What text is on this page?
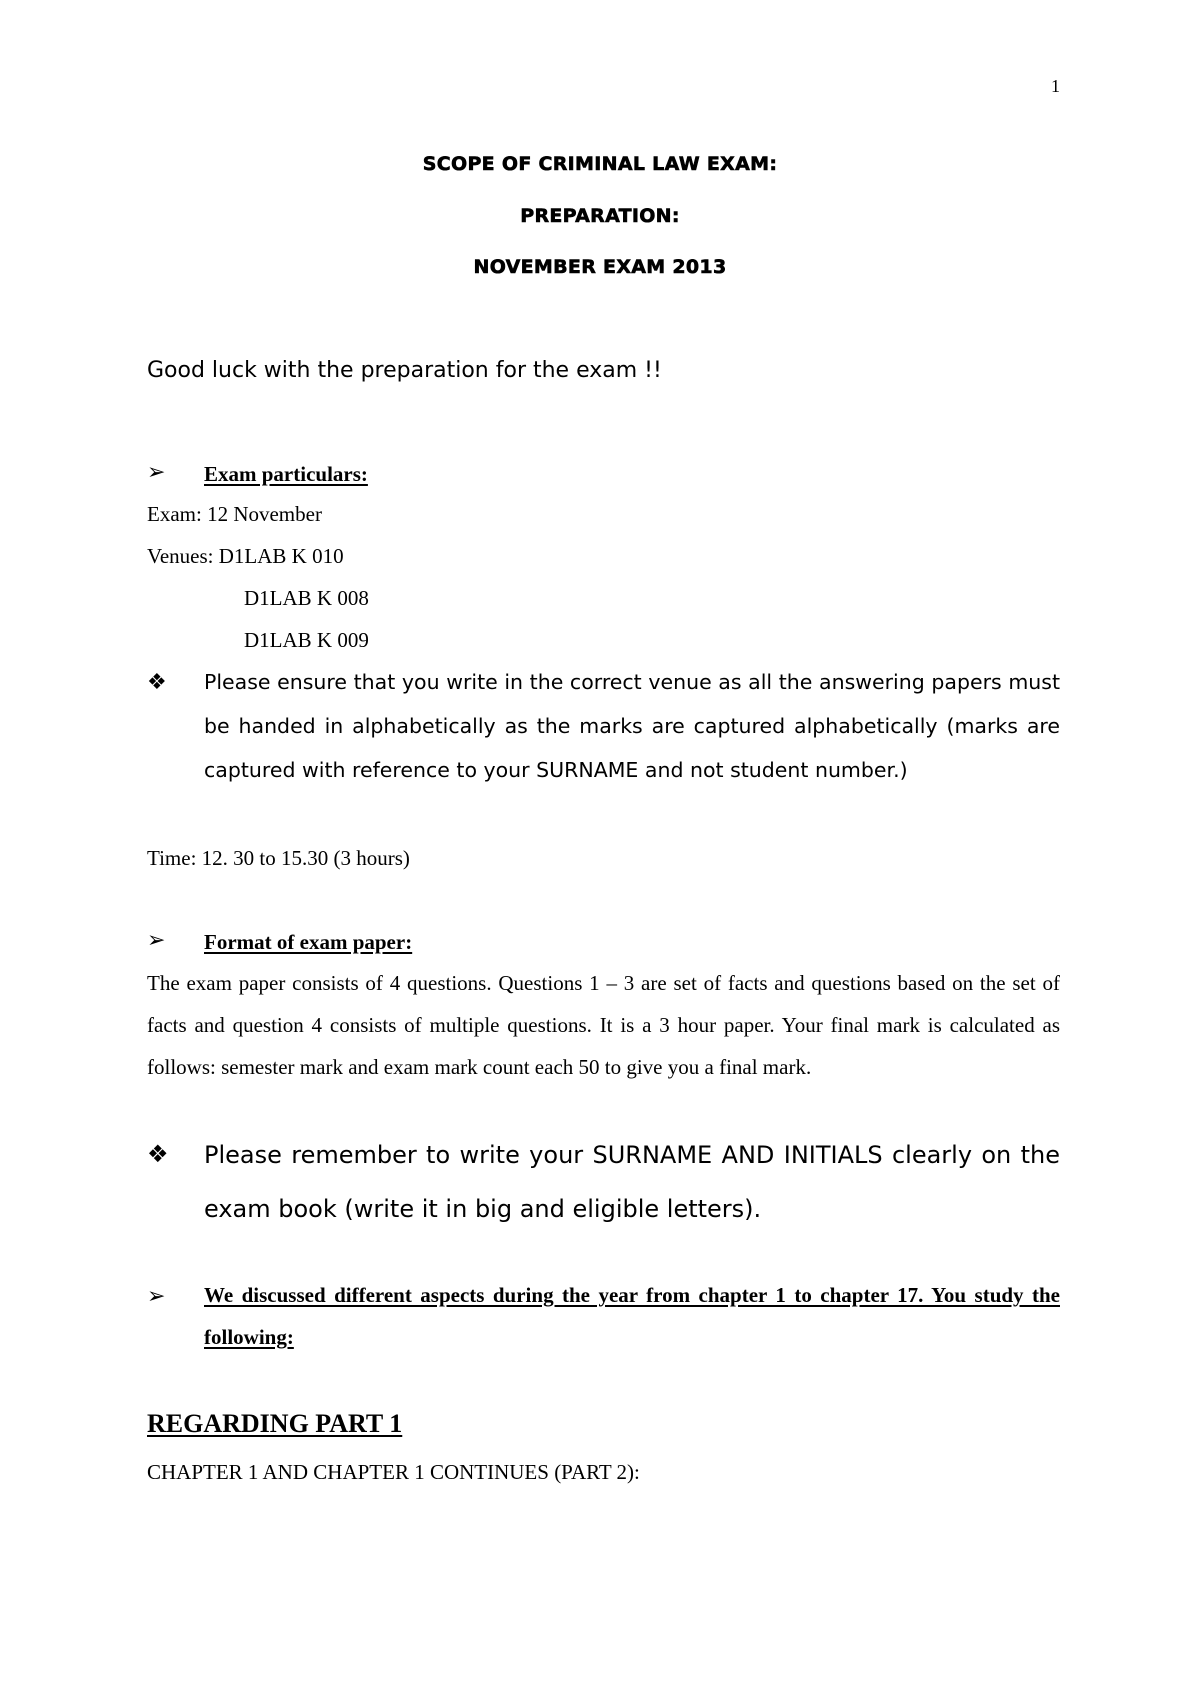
1
SCOPE OF CRIMINAL LAW EXAM:
PREPARATION:
NOVEMBER EXAM 2013
Good luck with the preparation for the exam !!
➢ Exam particulars:
Exam: 12 November
Venues: D1LAB K 010
D1LAB K 008
D1LAB K 009
❖ Please ensure that you write in the correct venue as all the answering papers must be handed in alphabetically as the marks are captured alphabetically (marks are captured with reference to your SURNAME and not student number.)
Time: 12. 30 to 15.30 (3 hours)
➢ Format of exam paper:
The exam paper consists of 4 questions. Questions 1 – 3 are set of facts and questions based on the set of facts and question 4 consists of multiple questions. It is a 3 hour paper. Your final mark is calculated as follows: semester mark and exam mark count each 50 to give you a final mark.
❖ Please remember to write your SURNAME AND INITIALS clearly on the exam book (write it in big and eligible letters).
➢ We discussed different aspects during the year from chapter 1 to chapter 17. You study the following:
REGARDING PART 1
CHAPTER 1 AND CHAPTER 1 CONTINUES (PART 2):
